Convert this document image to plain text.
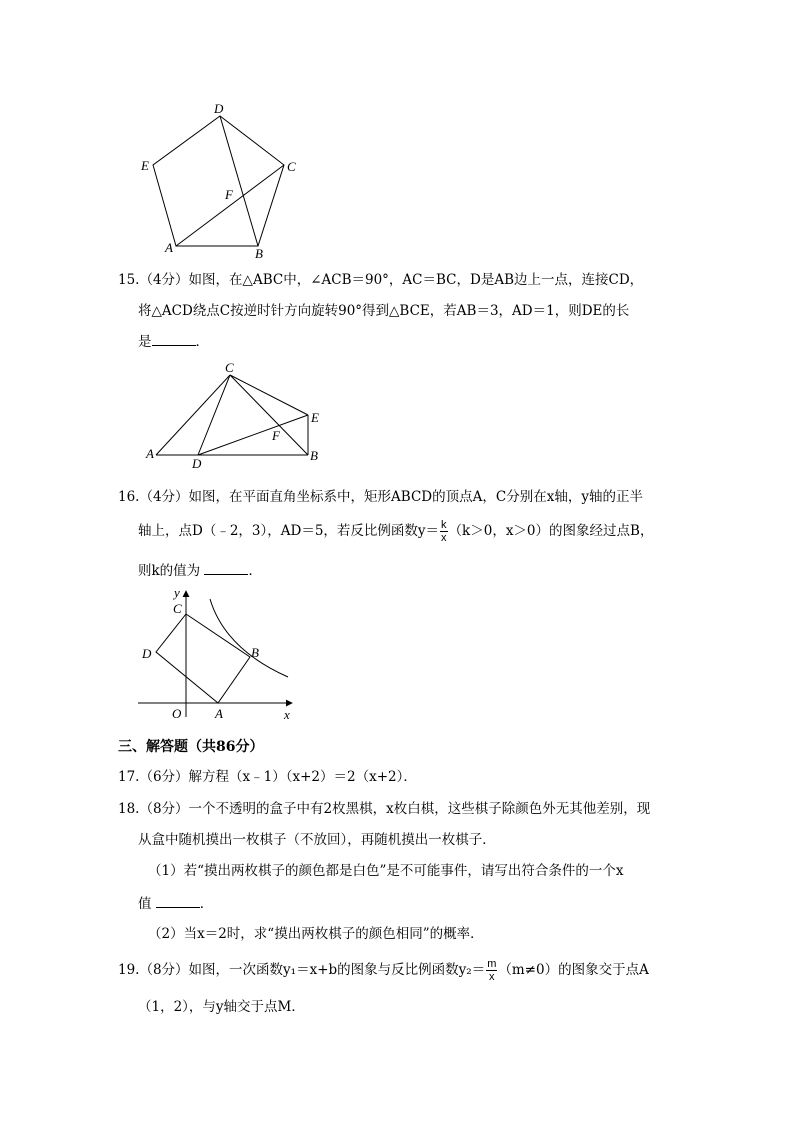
D
E	C
F
A	B
15.（4分）如图，在△ABC中，∠ACB＝90°，AC＝BC，D是AB边上一点，连接CD，
将△ACD绕点C按逆时针方向旋转90°得到△BCE，若AB＝3，AD＝1，则DE的长
是	．
C
E
F
A
D
B
16.（4分）如图，在平面直角坐标系中，矩形ABCD的顶点A，C分别在x轴，y轴的正半
轴上，点D（﹣2，3），AD＝5，若反比例函数$y= \frac{k}{x} (k>0$，x＞0）的图象经过点B，
则k的值为	．
y
C
D	B
O	A	x
三、解答题（共86分）
17.（6分）解方程（x﹣1）（x+2）＝2（x+2）．
18.（8分）一个不透明的盒子中有2枚黑棋，x枚白棋，这些棋子除颜色外无其他差别，现
从盒中随机摸出一枚棋子（不放回），再随机摸出一枚棋子．
（1）若“摸出两枚棋子的颜色都是白色”是不可能事件，请写出符合条件的一个x
值	．
（2）当x＝2时，求“摸出两枚棋子的颜色相同”的概率．
19.（8分）如图，一次函数y₁＝x+b的图象与反比例函数$y_2= \frac{m}{x} (m\ne 0)$的图象交于点A
（1，2），与y轴交于点M．
